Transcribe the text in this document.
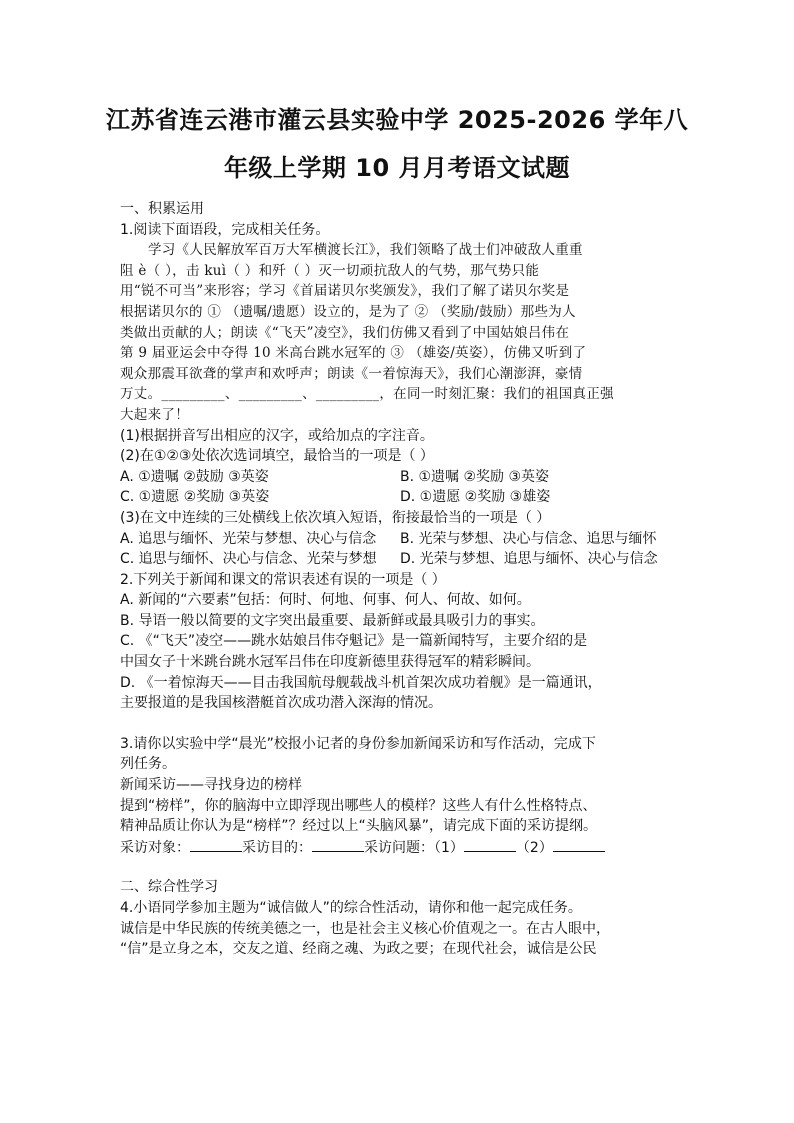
江苏省连云港市灌云县实验中学 2025-2026 学年八
年级上学期 10 月月考语文试题
一、积累运用
1.阅读下面语段，完成相关任务。
学习《人民解放军百万大军横渡长江》，我们领略了战士们冲破敌人重重
阻 è（ ），击 kuì（ ）和歼（ ）灭一切顽抗敌人的气势，那气势只能
用“锐不可当”来形容；学习《首届诺贝尔奖颁发》，我们了解了诺贝尔奖是
根据诺贝尔的 ① （遗嘱/遗愿）设立的，是为了 ② （奖励/鼓励）那些为人
类做出贡献的人；朗读《“飞天”凌空》，我们仿佛又看到了中国姑娘吕伟在
第 9 届亚运会中夺得 10 米高台跳水冠军的 ③ （雄姿/英姿），仿佛又听到了
观众那震耳欲聋的掌声和欢呼声；朗读《一着惊海天》，我们心潮澎湃，豪情
万丈。_________、_________、_________，在同一时刻汇聚：我们的祖国真正强
大起来了！
(1)根据拼音写出相应的汉字，或给加点的字注音。
(2)在①②③处依次选词填空，最恰当的一项是（ ）
A. ①遗嘱 ②鼓励 ③英姿	B. ①遗嘱 ②奖励 ③英姿
C. ①遗愿 ②奖励 ③英姿	D. ①遗愿 ②奖励 ③雄姿
(3)在文中连续的三处横线上依次填入短语，衔接最恰当的一项是（ ）
A. 追思与缅怀、光荣与梦想、决心与信念	B. 光荣与梦想、决心与信念、追思与缅怀
C. 追思与缅怀、决心与信念、光荣与梦想	D. 光荣与梦想、追思与缅怀、决心与信念
2.下列关于新闻和课文的常识表述有误的一项是（ ）
A. 新闻的“六要素”包括：何时、何地、何事、何人、何故、如何。
B. 导语一般以简要的文字突出最重要、最新鲜或最具吸引力的事实。
C. 《“飞天”凌空——跳水姑娘吕伟夺魁记》是一篇新闻特写，主要介绍的是
中国女子十米跳台跳水冠军吕伟在印度新德里获得冠军的精彩瞬间。
D. 《一着惊海天——目击我国航母舰载战斗机首架次成功着舰》是一篇通讯，
主要报道的是我国核潜艇首次成功潜入深海的情况。
3.请你以实验中学“晨光”校报小记者的身份参加新闻采访和写作活动，完成下
列任务。
新闻采访——寻找身边的榜样
提到“榜样”，你的脑海中立即浮现出哪些人的模样？这些人有什么性格特点、
精神品质让你认为是“榜样”？经过以上“头脑风暴”，请完成下面的采访提纲。
采访对象：	采访目的：	采访问题：（1）	（2）
二、综合性学习
4.小语同学参加主题为“诚信做人”的综合性活动，请你和他一起完成任务。
诚信是中华民族的传统美德之一，也是社会主义核心价值观之一。在古人眼中，
“信”是立身之本，交友之道、经商之魂、为政之要；在现代社会，诚信是公民
